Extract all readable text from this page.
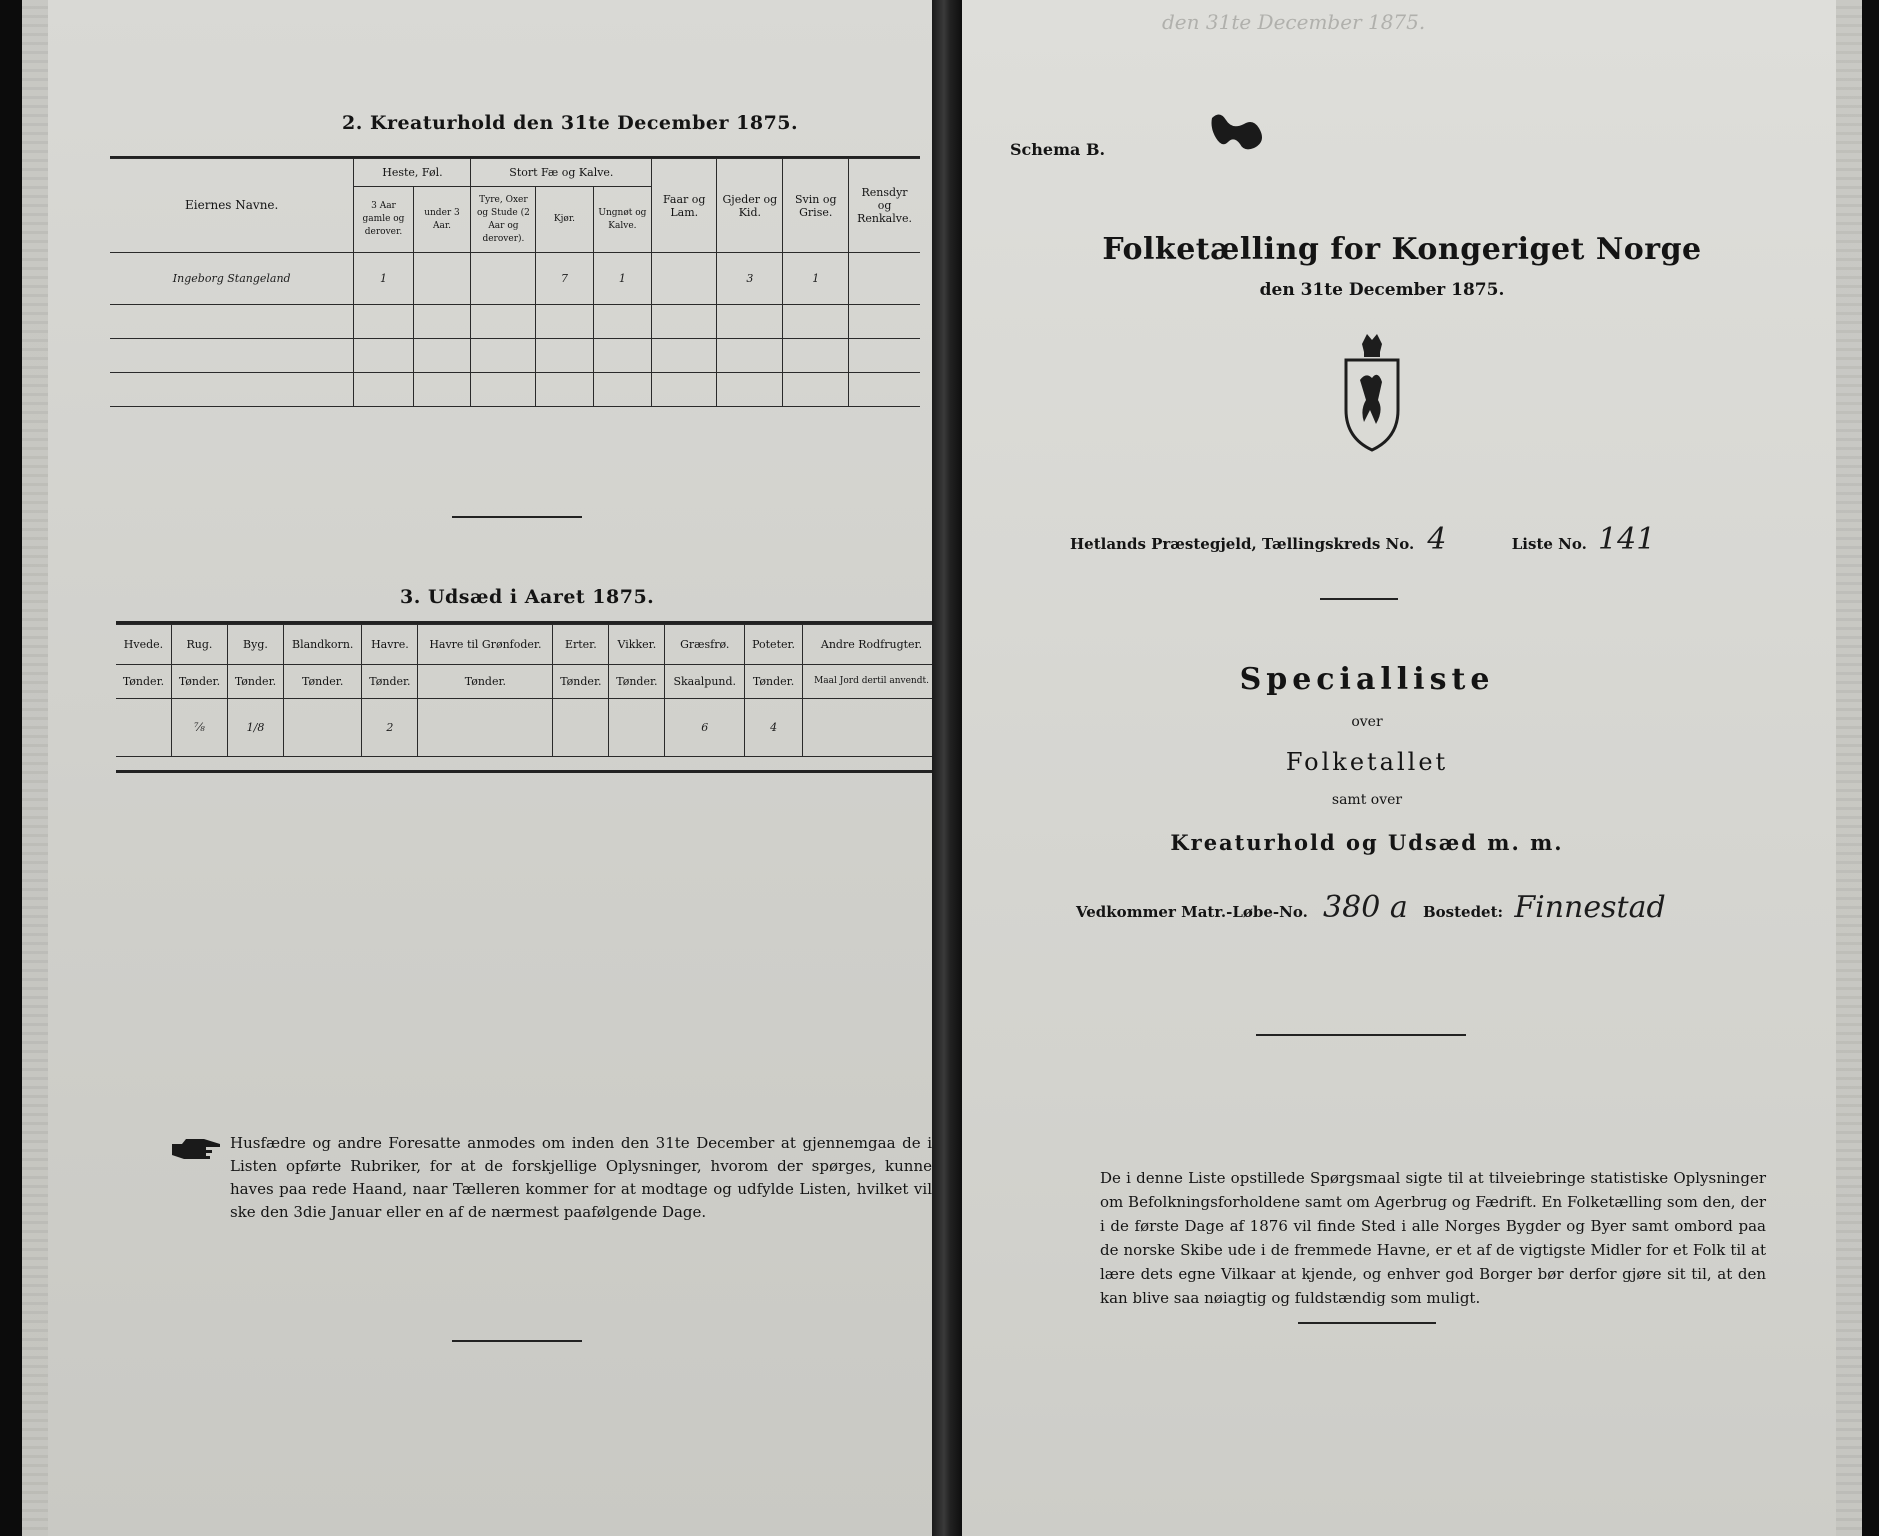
2. Kreaturhold den 31te December 1875.
Eiernes Navne.	Heste, Føl.		Stort Fæ og Kalve.			Faar og Lam.	Gjeder og Kid.	Svin og Grise.	Rensdyr og Renkalve.
	3 Aar gamle og derover.	under 3 Aar.	Tyre, Oxer og Stude (2 Aar og derover).	Kjør.	Ungnøt og Kalve.				
Ingeborg Stangeland	1			7	1		3	1	

3. Udsæd i Aaret 1875.
Hvede.	Rug.	Byg.	Blandkorn.	Havre.	Havre til Grønfoder.	Erter.	Vikker.	Græsfrø.	Poteter.	Andre Rodfrugter.
Tønder.	Tønder.	Tønder.	Tønder.	Tønder.	Tønder.	Tønder.	Tønder.	Skaalpund.	Tønder.	Maal Jord dertil anvendt.
	⅞	1/8		2				6	4	
Husfædre og andre Foresatte anmodes om inden den 31te December at gjennemgaa de i Listen opførte Rubriker, for at de forskjellige Oplysninger, hvorom der spørges, kunne haves paa rede Haand, naar Tælleren kommer for at modtage og udfylde Listen, hvilket vil ske den 3die Januar eller en af de nærmest paafølgende Dage.
den 31te December 1875.
Schema B.
Folketælling for Kongeriget Norge
den 31te December 1875.
Hetlands Præstegjeld, Tællingskreds No. 4	Liste No. 141
Specialliste
over
Folketallet
samt over
Kreaturhold og Udsæd m. m.
Vedkommer Matr.-Løbe-No. 380 a Bostedet: Finnestad
De i denne Liste opstillede Spørgsmaal sigte til at tilveiebringe statistiske Oplysninger om Befolkningsforholdene samt om Agerbrug og Fædrift. En Folketælling som den, der i de første Dage af 1876 vil finde Sted i alle Norges Bygder og Byer samt ombord paa de norske Skibe ude i de fremmede Havne, er et af de vigtigste Midler for et Folk til at lære dets egne Vilkaar at kjende, og enhver god Borger bør derfor gjøre sit til, at den kan blive saa nøiagtig og fuldstændig som muligt.
